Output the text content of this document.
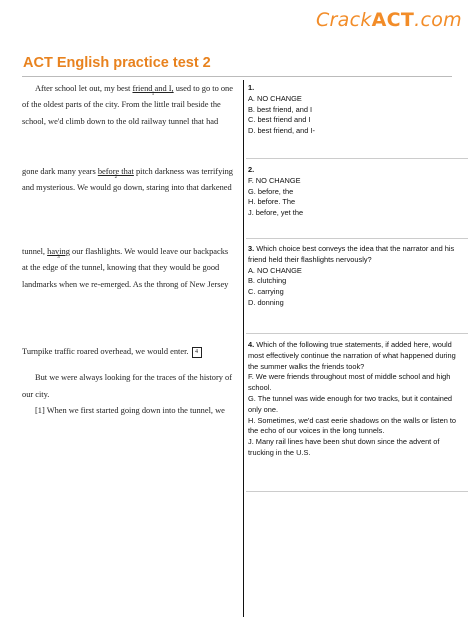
CrackACT.com
ACT English practice test 2
After school let out, my best friend and I,
1
used to go to one
of the oldest parts of the city. From the little trail beside the
school, we'd climb down to the old railway tunnel that had
gone dark many years before that
2
pitch darkness was terrifying
and mysterious. We would go down, staring into that darkened
tunnel, having
3
our flashlights. We would leave our backpacks
at the edge of the tunnel, knowing that they would be good
landmarks when we re-emerged. As the throng of New Jersey
Turnpike traffic roared overhead, we would enter. 4
But we were always looking for the traces of the history of
our city.
[1] When we first started going down into the tunnel, we
1.
A. NO CHANGE
B. best friend, and I
C. best friend and I
D. best friend, and I-
2.
F. NO CHANGE
G. before, the
H. before. The
J. before, yet the
3. Which choice best conveys the idea that the narrator and his friend held their flashlights nervously?
A. NO CHANGE
B. clutching
C. carrying
D. donning
4. Which of the following true statements, if added here, would most effectively continue the narration of what happened during the summer walks the friends took?
F. We were friends throughout most of middle school and high school.
G. The tunnel was wide enough for two tracks, but it contained only one.
H. Sometimes, we'd cast eerie shadows on the walls or listen to the echo of our voices in the long tunnels.
J. Many rail lines have been shut down since the advent of trucking in the U.S.
